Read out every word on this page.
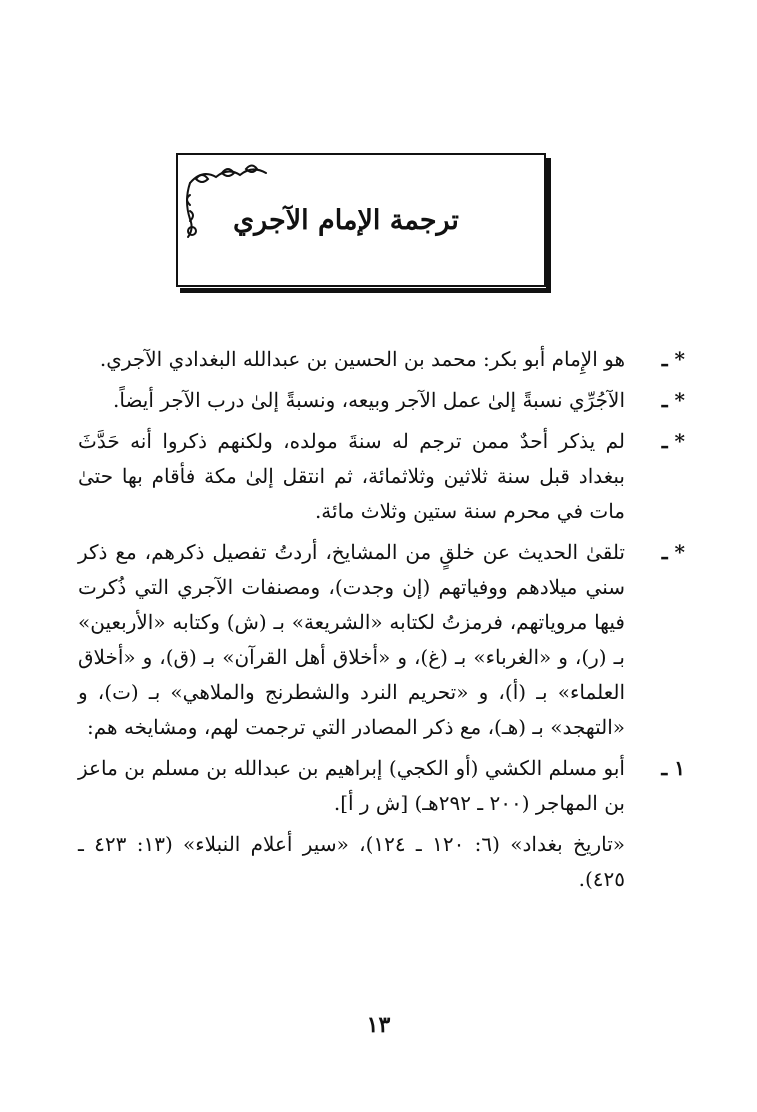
ترجمة الإمام الآجري
* ـ
هو الإِمام أبو بكر: محمد بن الحسين بن عبدالله البغدادي الآجري.
* ـ
الآجُرِّي نسبةً إلىٰ عمل الآجر وبيعه، ونسبةً إلىٰ درب الآجر أيضاً.
* ـ
لم يذكر أحدٌ ممن ترجم له سنةَ مولده، ولكنهم ذكروا أنه حَدَّثَ ببغداد قبل سنة ثلاثين وثلاثمائة، ثم انتقل إلىٰ مكة فأقام بها حتىٰ مات في محرم سنة ستين وثلاث مائة.
* ـ
تلقىٰ الحديث عن خلقٍ من المشايخ، أردتُ تفصيل ذكرهم، مع ذكر سني ميلادهم ووفياتهم (إن وجدت)، ومصنفات الآجري التي ذُكرت فيها مروياتهم، فرمزتُ لكتابه «الشريعة» بـ (ش) وكتابه «الأربعين» بـ (ر)، و «الغرباء» بـ (غ)، و «أخلاق أهل القرآن» بـ (ق)، و «أخلاق العلماء» بـ (أ)، و «تحريم النرد والشطرنج والملاهي» بـ (ت)، و «التهجد» بـ (هـ)، مع ذكر المصادر التي ترجمت لهم، ومشايخه هم:
١ ـ
أبو مسلم الكشي (أو الكجي) إبراهيم بن عبدالله بن مسلم بن ماعز بن المهاجر (٢٠٠ ـ ٢٩٢هـ) [ش ر أ].
«تاريخ بغداد» (٦: ١٢٠ ـ ١٢٤)، «سير أعلام النبلاء» (١٣: ٤٢٣ ـ ٤٢٥).
١٣
